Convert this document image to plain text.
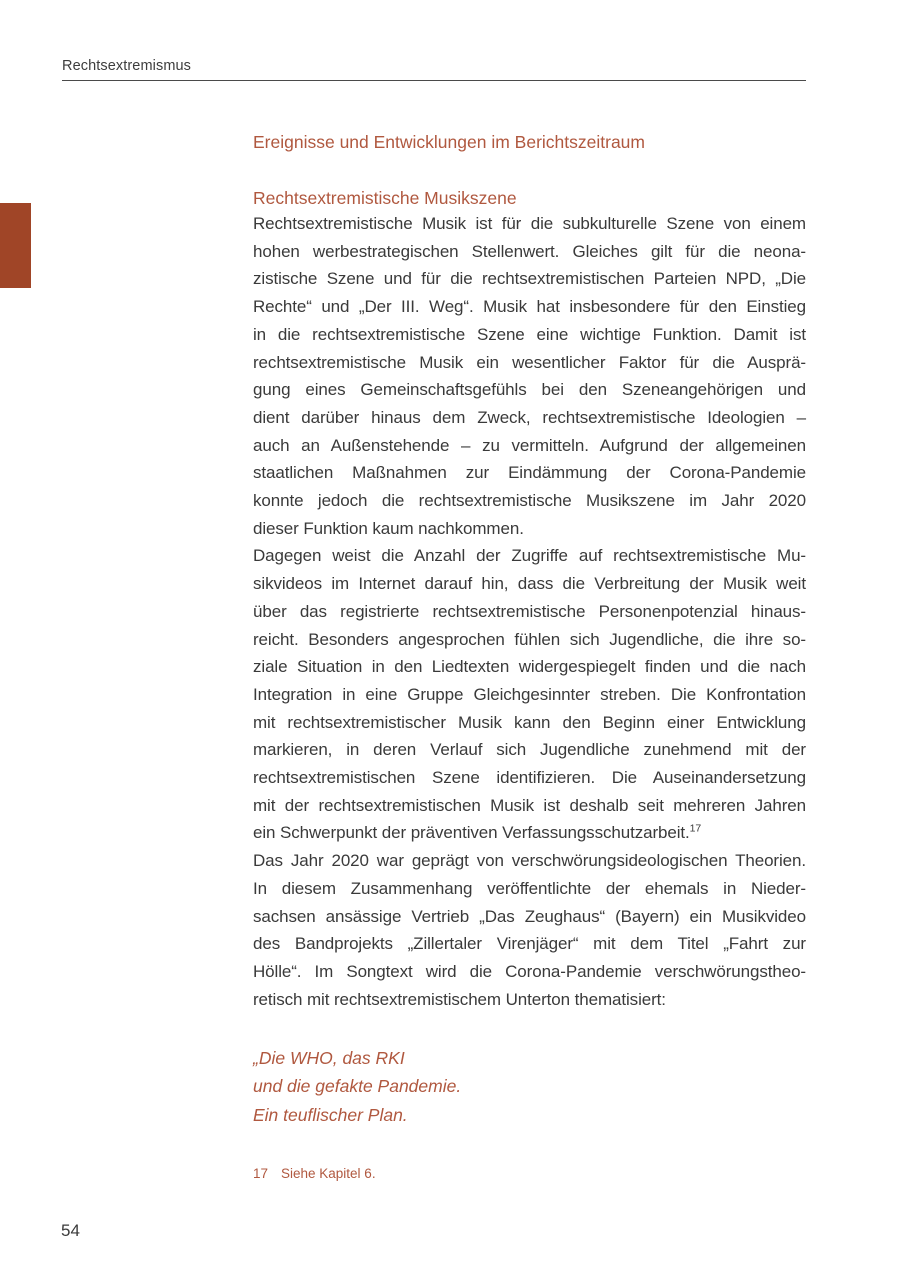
Rechtsextremismus
Ereignisse und Entwicklungen im Berichtszeitraum
Rechtsextremistische Musikszene
Rechtsextremistische Musik ist für die subkulturelle Szene von einem
hohen werbestrategischen Stellenwert. Gleiches gilt für die neona-
zistische Szene und für die rechtsextremistischen Parteien NPD, „Die
Rechte“ und „Der III. Weg“. Musik hat insbesondere für den Einstieg
in die rechtsextremistische Szene eine wichtige Funktion. Damit ist
rechtsextremistische Musik ein wesentlicher Faktor für die Ausprä-
gung eines Gemeinschaftsgefühls bei den Szeneangehörigen und
dient darüber hinaus dem Zweck, rechtsextremistische Ideologien –
auch an Außenstehende – zu vermitteln. Aufgrund der allgemeinen
staatlichen Maßnahmen zur Eindämmung der Corona-Pandemie
konnte jedoch die rechtsextremistische Musikszene im Jahr 2020
dieser Funktion kaum nachkommen.
Dagegen weist die Anzahl der Zugriffe auf rechtsextremistische Mu-
sikvideos im Internet darauf hin, dass die Verbreitung der Musik weit
über das registrierte rechtsextremistische Personenpotenzial hinaus-
reicht. Besonders angesprochen fühlen sich Jugendliche, die ihre so-
ziale Situation in den Liedtexten widergespiegelt finden und die nach
Integration in eine Gruppe Gleichgesinnter streben. Die Konfrontation
mit rechtsextremistischer Musik kann den Beginn einer Entwicklung
markieren, in deren Verlauf sich Jugendliche zunehmend mit der
rechtsextremistischen Szene identifizieren. Die Auseinandersetzung
mit der rechtsextremistischen Musik ist deshalb seit mehreren Jahren
ein Schwerpunkt der präventiven Verfassungsschutzarbeit.$^{17}$
Das Jahr 2020 war geprägt von verschwörungsideologischen Theorien.
In diesem Zusammenhang veröffentlichte der ehemals in Nieder-
sachsen ansässige Vertrieb „Das Zeughaus“ (Bayern) ein Musikvideo
des Bandprojekts „Zillertaler Virenjäger“ mit dem Titel „Fahrt zur
Hölle“. Im Songtext wird die Corona-Pandemie verschwörungstheo-
retisch mit rechtsextremistischem Unterton thematisiert:
„Die WHO, das RKI
und die gefakte Pandemie.
Ein teuflischer Plan.
17 Siehe Kapitel 6.
54
